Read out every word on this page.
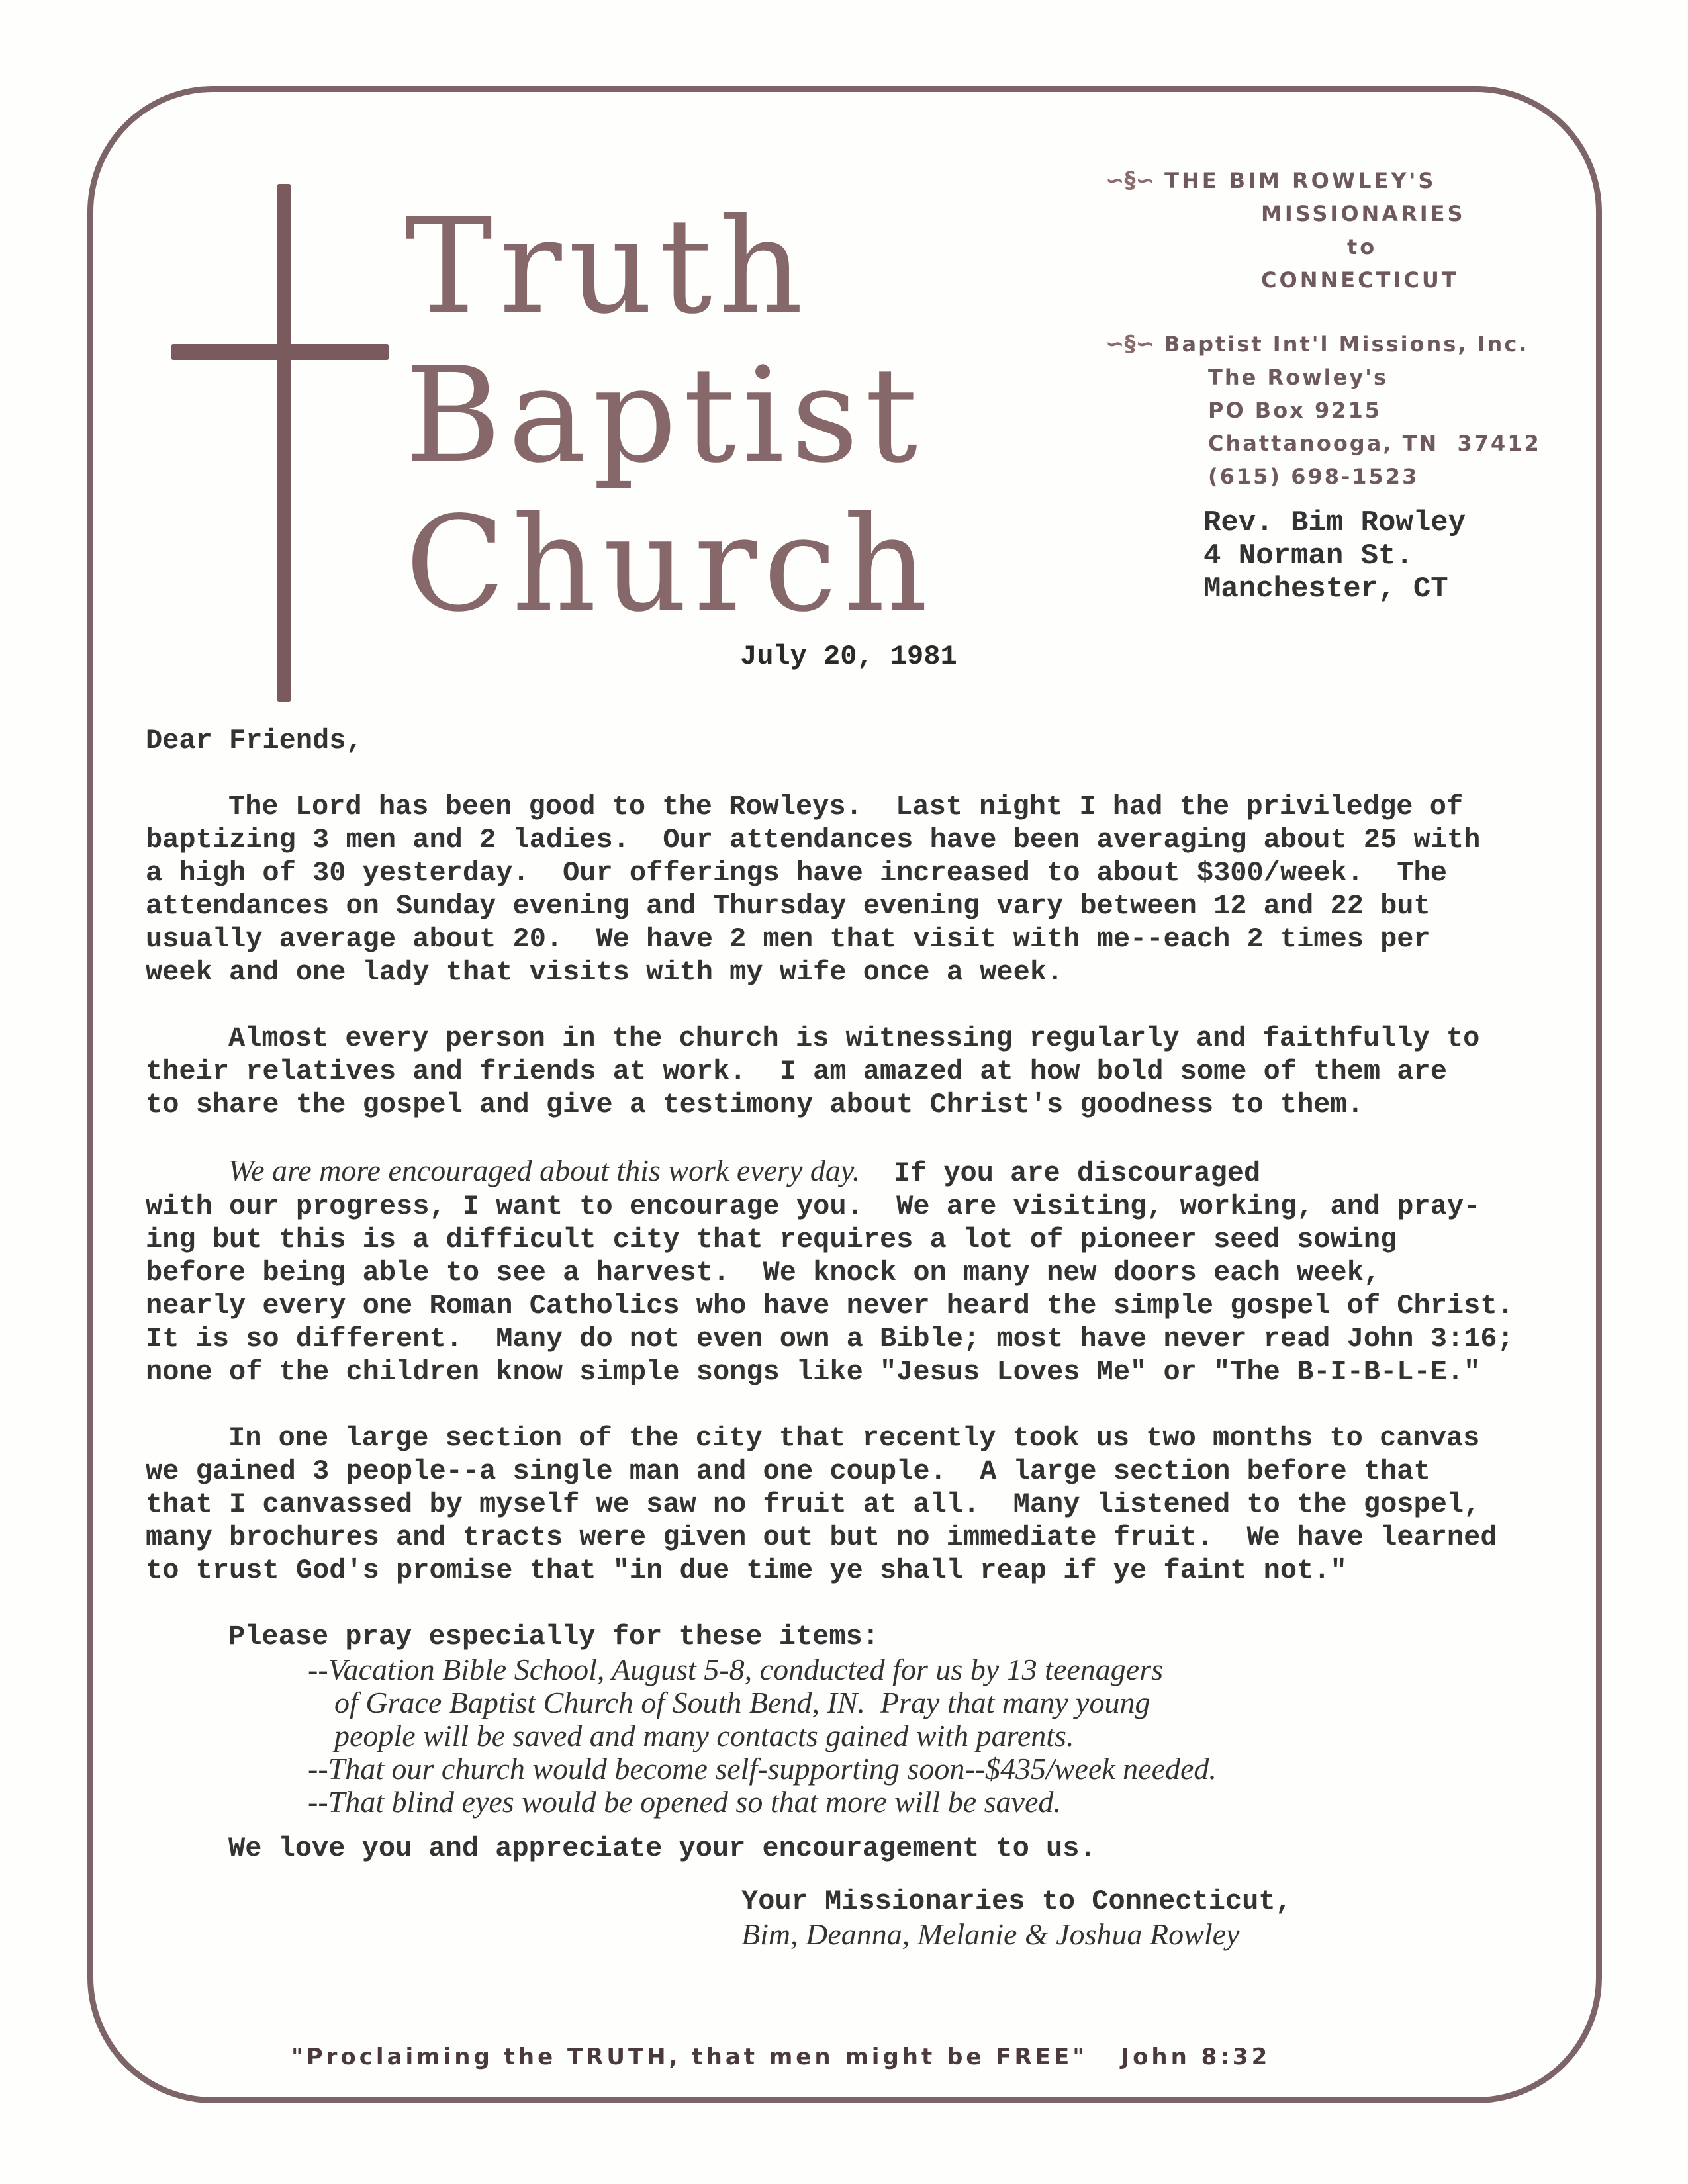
Truth
Baptist
Church
∽§∽ THE BIM ROWLEY'S
MISSIONARIES
to
CONNECTICUT
∽§∽ Baptist Int'l Missions, Inc.
The Rowley's
PO Box 9215
Chattanooga, TN  37412
(615) 698-1523
Rev. Bim Rowley
4 Norman St.
Manchester, CT
July 20, 1981
Dear Friends,
The Lord has been good to the Rowleys.  Last night I had the priviledge of
baptizing 3 men and 2 ladies.  Our attendances have been averaging about 25 with
a high of 30 yesterday.  Our offerings have increased to about $300/week.  The
attendances on Sunday evening and Thursday evening vary between 12 and 22 but
usually average about 20.  We have 2 men that visit with me--each 2 times per
week and one lady that visits with my wife once a week.
Almost every person in the church is witnessing regularly and faithfully to
their relatives and friends at work.  I am amazed at how bold some of them are
to share the gospel and give a testimony about Christ's goodness to them.
We are more encouraged about this work every day.  If you are discouraged
with our progress, I want to encourage you.  We are visiting, working, and pray-
ing but this is a difficult city that requires a lot of pioneer seed sowing
before being able to see a harvest.  We knock on many new doors each week,
nearly every one Roman Catholics who have never heard the simple gospel of Christ.
It is so different.  Many do not even own a Bible; most have never read John 3:16;
none of the children know simple songs like "Jesus Loves Me" or "The B-I-B-L-E."
In one large section of the city that recently took us two months to canvas
we gained 3 people--a single man and one couple.  A large section before that
that I canvassed by myself we saw no fruit at all.  Many listened to the gospel,
many brochures and tracts were given out but no immediate fruit.  We have learned
to trust God's promise that "in due time ye shall reap if ye faint not."
Please pray especially for these items:
--Vacation Bible School, August 5-8, conducted for us by 13 teenagers
of Grace Baptist Church of South Bend, IN.  Pray that many young
people will be saved and many contacts gained with parents.
--That our church would become self-supporting soon--$435/week needed.
--That blind eyes would be opened so that more will be saved.
We love you and appreciate your encouragement to us.
Your Missionaries to Connecticut,
Bim, Deanna, Melanie & Joshua Rowley
"Proclaiming the TRUTH, that men might be FREE"   John 8:32
